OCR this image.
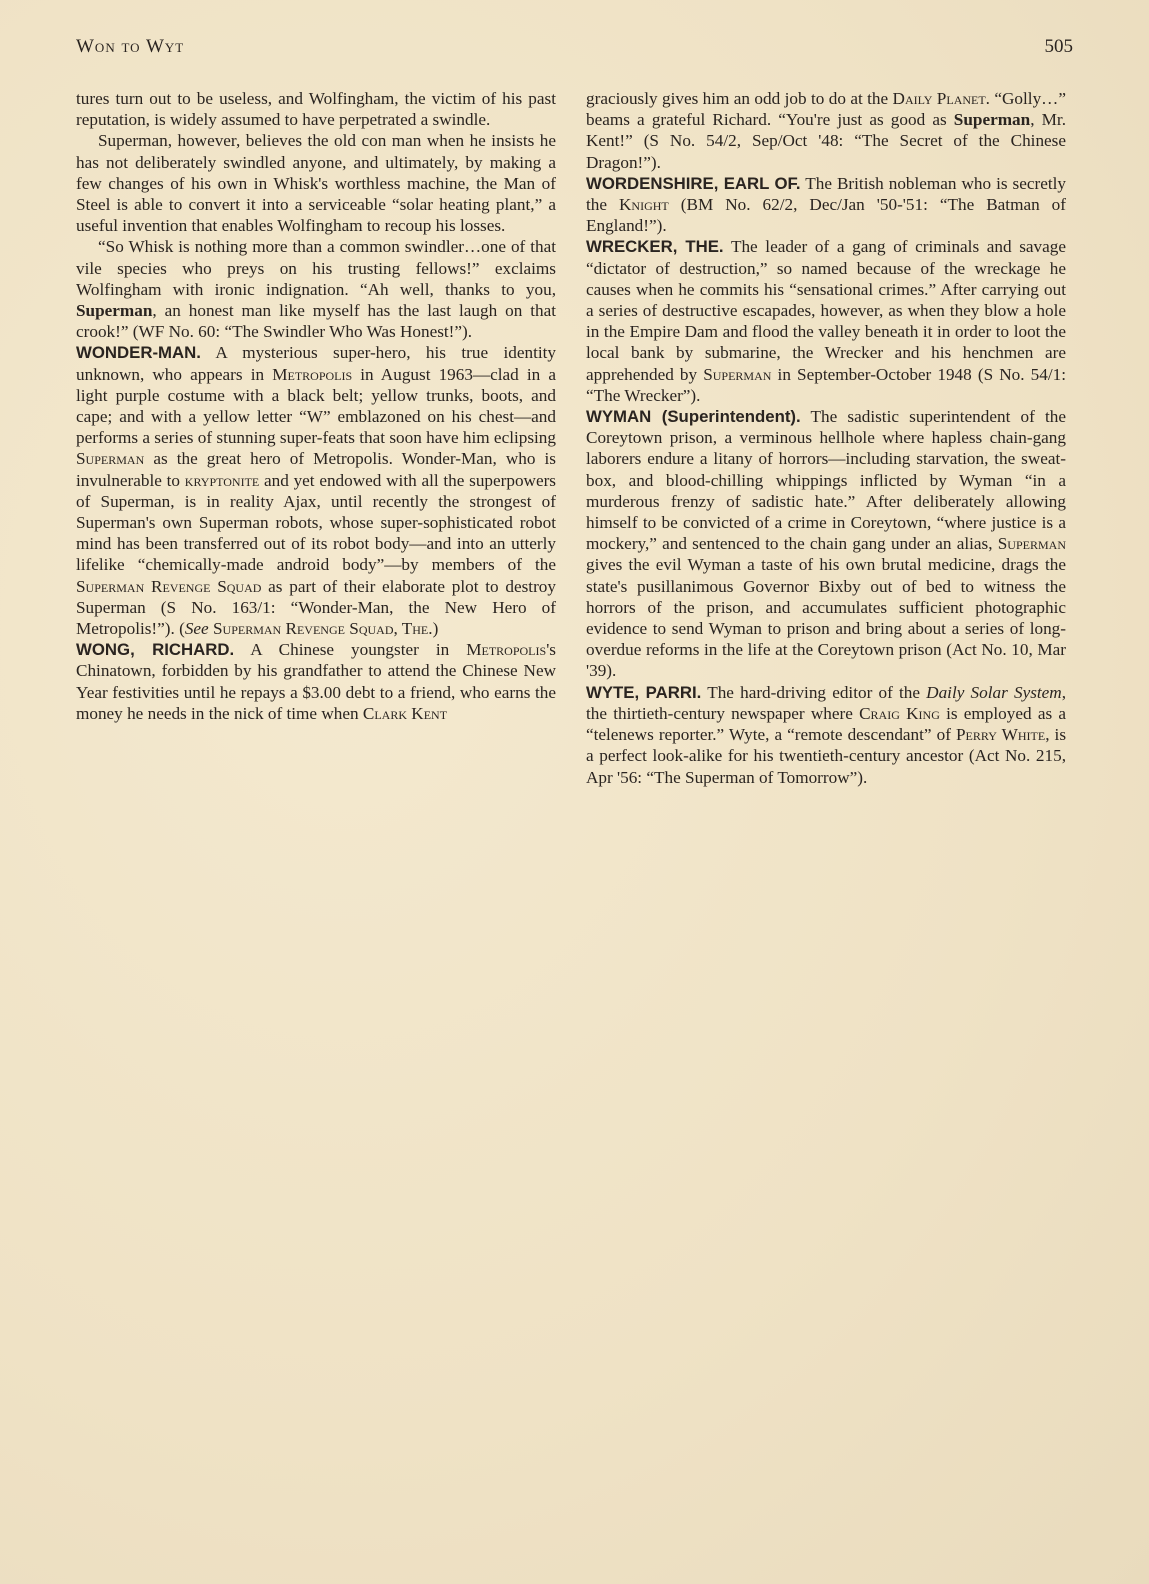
Won to Wyt	505

tures turn out to be useless, and Wolfingham, the victim of his past reputation, is widely assumed to have perpetrated a swindle.

Superman, however, believes the old con man when he insists he has not deliberately swindled anyone, and ultimately, by making a few changes of his own in Whisk's worthless machine, the Man of Steel is able to convert it into a serviceable “solar heating plant,” a useful invention that enables Wolfingham to recoup his losses.

“So Whisk is nothing more than a common swindler…one of that vile species who preys on his trusting fellows!” exclaims Wolfingham with ironic indignation. “Ah well, thanks to you, Superman, an honest man like myself has the last laugh on that crook!” (WF No. 60: “The Swindler Who Was Honest!”).

WONDER-MAN. A mysterious super-hero, his true identity unknown, who appears in Metropolis in August 1963—clad in a light purple costume with a black belt; yellow trunks, boots, and cape; and with a yellow letter “W” emblazoned on his chest—and performs a series of stunning super-feats that soon have him eclipsing Superman as the great hero of Metropolis. Wonder-Man, who is invulnerable to kryptonite and yet endowed with all the superpowers of Superman, is in reality Ajax, until recently the strongest of Superman's own Superman robots, whose super-sophisticated robot mind has been transferred out of its robot body—and into an utterly lifelike “chemically-made android body”—by members of the Superman Revenge Squad as part of their elaborate plot to destroy Superman (S No. 163/1: “Wonder-Man, the New Hero of Metropolis!”). (See Superman Revenge Squad, The.)

WONG, RICHARD. A Chinese youngster in Metropolis's Chinatown, forbidden by his grandfather to attend the Chinese New Year festivities until he repays a $3.00 debt to a friend, who earns the money he needs in the nick of time when Clark Kent

graciously gives him an odd job to do at the Daily Planet. “Golly…” beams a grateful Richard. “You're just as good as Superman, Mr. Kent!” (S No. 54/2, Sep/Oct '48: “The Secret of the Chinese Dragon!”).

WORDENSHIRE, EARL OF. The British nobleman who is secretly the Knight (BM No. 62/2, Dec/Jan '50-'51: “The Batman of England!”).

WRECKER, THE. The leader of a gang of criminals and savage “dictator of destruction,” so named because of the wreckage he causes when he commits his “sensational crimes.” After carrying out a series of destructive escapades, however, as when they blow a hole in the Empire Dam and flood the valley beneath it in order to loot the local bank by submarine, the Wrecker and his henchmen are apprehended by Superman in September-October 1948 (S No. 54/1: “The Wrecker”).

WYMAN (Superintendent). The sadistic superintendent of the Coreytown prison, a verminous hellhole where hapless chain-gang laborers endure a litany of horrors—including starvation, the sweat-box, and blood-chilling whippings inflicted by Wyman “in a murderous frenzy of sadistic hate.” After deliberately allowing himself to be convicted of a crime in Coreytown, “where justice is a mockery,” and sentenced to the chain gang under an alias, Superman gives the evil Wyman a taste of his own brutal medicine, drags the state's pusillanimous Governor Bixby out of bed to witness the horrors of the prison, and accumulates sufficient photographic evidence to send Wyman to prison and bring about a series of long-overdue reforms in the life at the Coreytown prison (Act No. 10, Mar '39).

WYTE, PARRI. The hard-driving editor of the Daily Solar System, the thirtieth-century newspaper where Craig King is employed as a “telenews reporter.” Wyte, a “remote descendant” of Perry White, is a perfect look-alike for his twentieth-century ancestor (Act No. 215, Apr '56: “The Superman of Tomorrow”).
